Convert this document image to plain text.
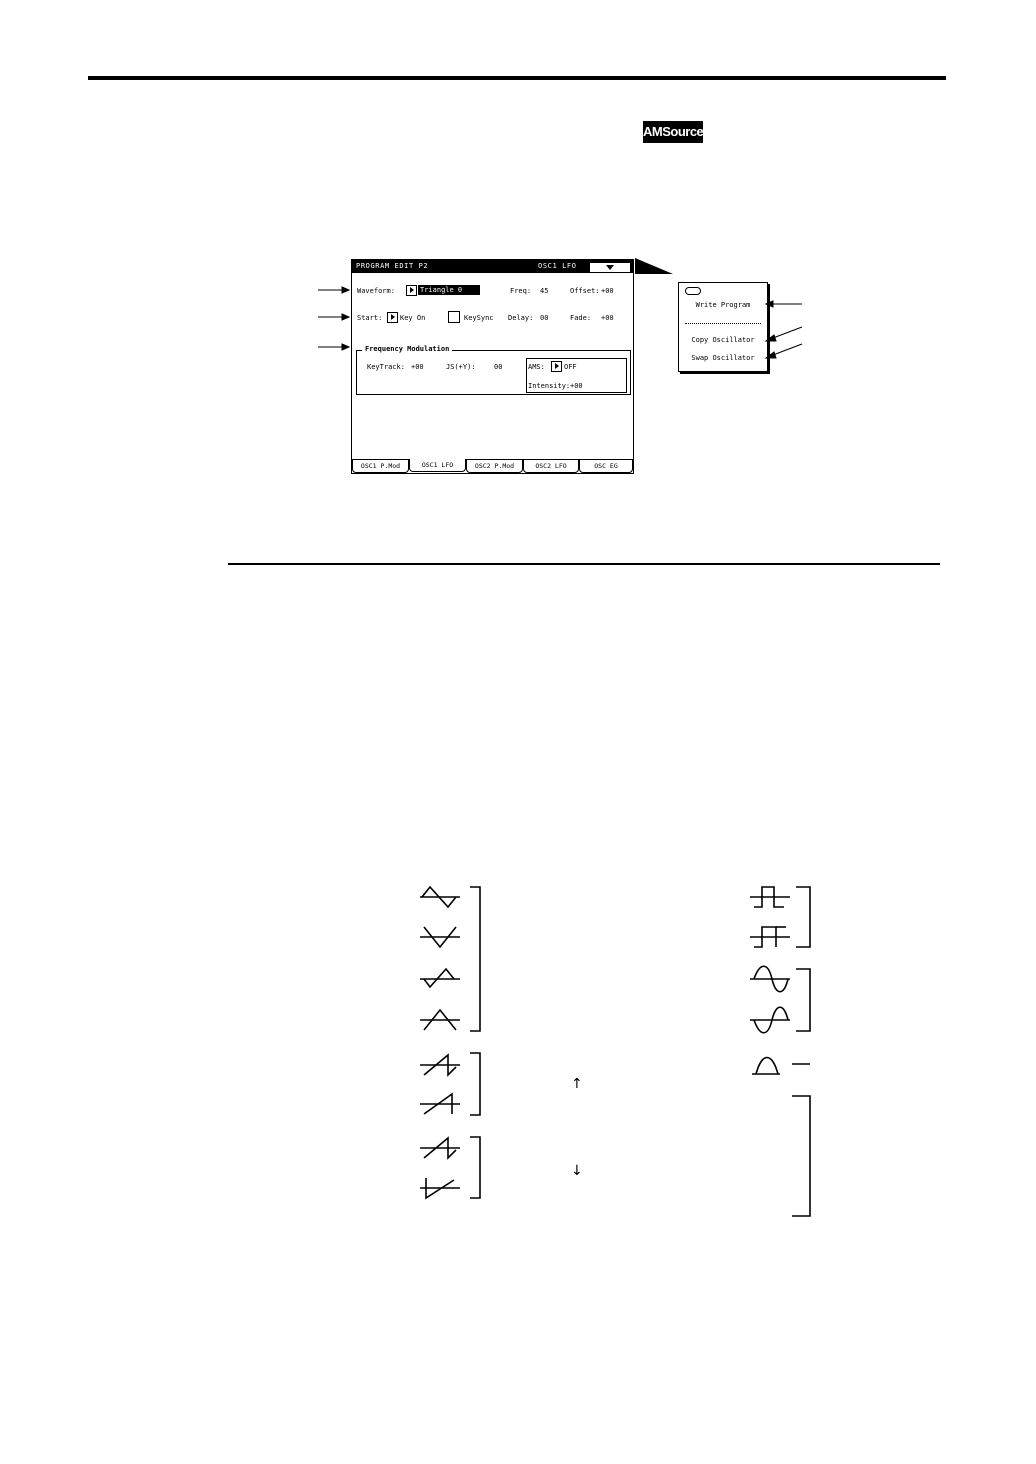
AMSource
PROGRAM EDIT P2	OSC1 LFO
Waveform:	Triangle 0	Freq: 45	Offset: +00
Start:	Key On	KeySync Delay: 00	Fade: +00
Frequency Modulation
KeyTrack: +00	JS(+Y):	00	AMS:	OFF
Intensity: +00
OSC1 P.Mod	OSC1 LFO	OSC2 P.Mod	OSC2 LFO	OSC EG
Write Program
Copy Oscillator
Swap Oscillator
↑
↓
